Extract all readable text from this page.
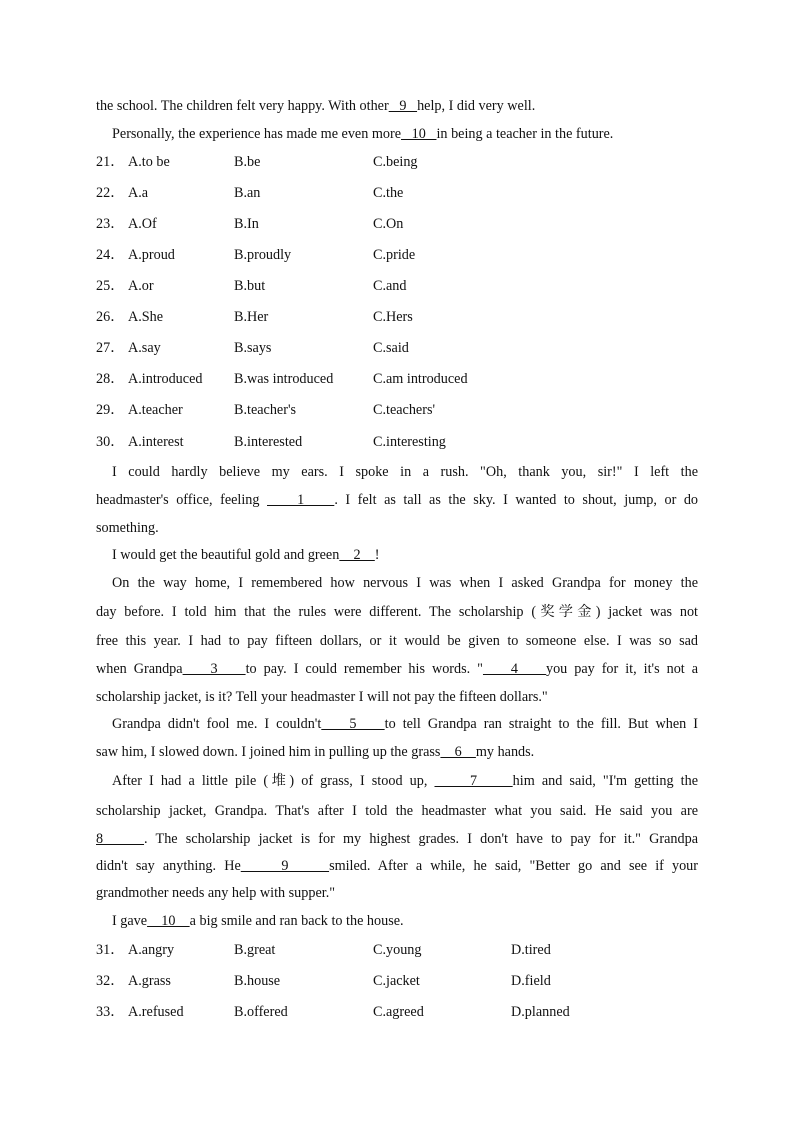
the school. The children felt very happy. With other   9   help, I did very well.
Personally, the experience has made me even more   10   in being a teacher in the future.
21． A.to be	B.be	C.being
22． A.a	B.an	C.the
23． A.Of	B.In	C.On
24． A.proud	B.proudly	C.pride
25． A.or	B.but	C.and
26． A.She	B.Her	C.Hers
27． A.say	B.says	C.said
28． A.introduced B.was introduced	C.am introduced
29． A.teacher	B.teacher's	C.teachers'
30． A.interest	B.interested	C.interesting
I could hardly believe my ears. I spoke in a rush. "Oh, thank you, sir!" I left the
headmaster's office, feeling     1    . I felt as tall as the sky. I wanted to shout, jump, or do
something.
I would get the beautiful gold and green    2    !
On the way home, I remembered how nervous I was when I asked Grandpa for money the
day before. I told him that the rules were different. The scholarship (奖学金) jacket was not
free this year. I had to pay fifteen dollars, or it would be given to someone else. I was so sad
when Grandpa    3    to pay. I could remember his words. "    4    you pay for it, it's not a
scholarship jacket, is it? Tell your headmaster I will not pay the fifteen dollars."
Grandpa didn't fool me. I couldn't    5    to tell Grandpa ran straight to the fill. But when I
saw him, I slowed down. I joined him in pulling up the grass    6    my hands.
After I had a little pile (堆) of grass, I stood up,      7     him and said, "I'm getting the
scholarship jacket, Grandpa. That's after I told the headmaster what you said. He said you are
8     . The scholarship jacket is for my highest grades. I don't have to pay for it." Grandpa
didn't say anything. He     9     smiled. After a while, he said, "Better go and see if your
grandmother needs any help with supper."
I gave    10    a big smile and ran back to the house.
31． A.angry	B.great	C.young	D.tired
32． A.grass	B.house	C.jacket	D.field
33． A.refused	B.offered	C.agreed	D.planned
